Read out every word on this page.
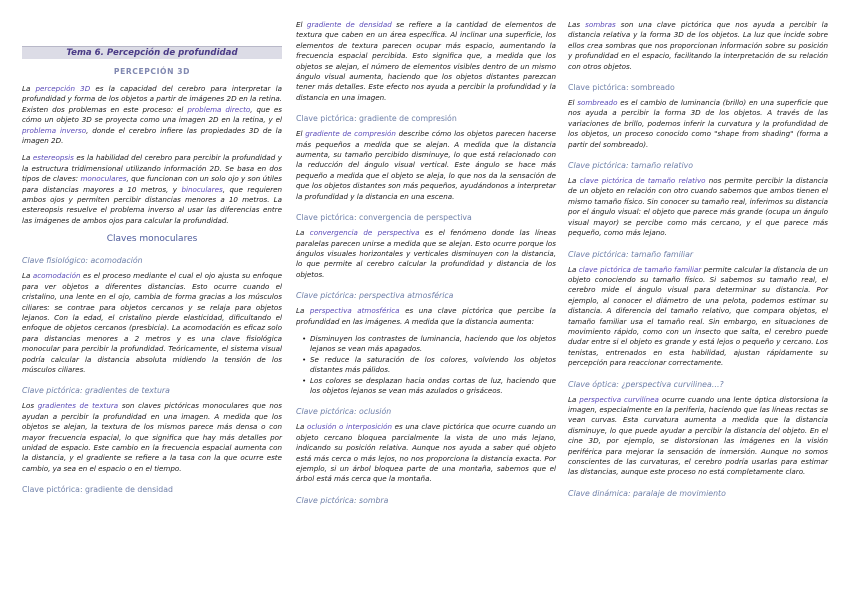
Tema 6. Percepción de profundidad
PERCEPCIÓN 3D

La percepción 3D es la capacidad del cerebro para interpretar la profundidad y forma de los objetos a partir de imágenes 2D en la retina. Existen dos problemas en este proceso: el problema directo, que es cómo un objeto 3D se proyecta como una imagen 2D en la retina, y el problema inverso, donde el cerebro infiere las propiedades 3D de la imagen 2D.

La estereopsis es la habilidad del cerebro para percibir la profundidad y la estructura tridimensional utilizando información 2D. Se basa en dos tipos de claves: monoculares, que funcionan con un solo ojo y son útiles para distancias mayores a 10 metros, y binoculares, que requieren ambos ojos y permiten percibir distancias menores a 10 metros. La estereopsis resuelve el problema inverso al usar las diferencias entre las imágenes de ambos ojos para calcular la profundidad.

Claves monoculares
Clave fisiológico: acomodación

La acomodación es el proceso mediante el cual el ojo ajusta su enfoque para ver objetos a diferentes distancias. Esto ocurre cuando el cristalino, una lente en el ojo, cambia de forma gracias a los músculos ciliares: se contrae para objetos cercanos y se relaja para objetos lejanos. Con la edad, el cristalino pierde elasticidad, dificultando el enfoque de objetos cercanos (presbicia). La acomodación es eficaz solo para distancias menores a 2 metros y es una clave fisiológica monocular para percibir la profundidad. Teóricamente, el sistema visual podría calcular la distancia absoluta midiendo la tensión de los músculos ciliares.

Clave pictórica: gradientes de textura

Los gradientes de textura son claves pictóricas monoculares que nos ayudan a percibir la profundidad en una imagen. A medida que los objetos se alejan, la textura de los mismos parece más densa o con mayor frecuencia espacial, lo que significa que hay más detalles por unidad de espacio. Este cambio en la frecuencia espacial aumenta con la distancia, y el gradiente se refiere a la tasa con la que ocurre este cambio, ya sea en el espacio o en el tiempo.

Clave pictórica: gradiente de densidad

El gradiente de densidad se refiere a la cantidad de elementos de textura que caben en un área específica. Al inclinar una superficie, los elementos de textura parecen ocupar más espacio, aumentando la frecuencia espacial percibida. Esto significa que, a medida que los objetos se alejan, el número de elementos visibles dentro de un mismo ángulo visual aumenta, haciendo que los objetos distantes parezcan tener más detalles. Este efecto nos ayuda a percibir la profundidad y la distancia en una imagen.

Clave pictórica: gradiente de compresión

El gradiente de compresión describe cómo los objetos parecen hacerse más pequeños a medida que se alejan. A medida que la distancia aumenta, su tamaño percibido disminuye, lo que está relacionado con la reducción del ángulo visual vertical. Este ángulo se hace más pequeño a medida que el objeto se aleja, lo que nos da la sensación de que los objetos distantes son más pequeños, ayudándonos a interpretar la profundidad y la distancia en una escena.

Clave pictórica: convergencia de perspectiva

La convergencia de perspectiva es el fenómeno donde las líneas paralelas parecen unirse a medida que se alejan. Esto ocurre porque los ángulos visuales horizontales y verticales disminuyen con la distancia, lo que permite al cerebro calcular la profundidad y distancia de los objetos.

Clave pictórica: perspectiva atmosférica

La perspectiva atmosférica es una clave pictórica que percibe la profundidad en las imágenes. A medida que la distancia aumenta:

• Disminuyen los contrastes de luminancia, haciendo que los objetos lejanos se vean más apagados.
• Se reduce la saturación de los colores, volviendo los objetos distantes más pálidos.
• Los colores se desplazan hacia ondas cortas de luz, haciendo que los objetos lejanos se vean más azulados o grisáceos.
Clave pictórica: oclusión

La oclusión o interposición es una clave pictórica que ocurre cuando un objeto cercano bloquea parcialmente la vista de uno más lejano, indicando su posición relativa. Aunque nos ayuda a saber qué objeto está más cerca o más lejos, no nos proporciona la distancia exacta. Por ejemplo, si un árbol bloquea parte de una montaña, sabemos que el árbol está más cerca que la montaña.

Clave pictórica: sombra

Las sombras son una clave pictórica que nos ayuda a percibir la distancia relativa y la forma 3D de los objetos. La luz que incide sobre ellos crea sombras que nos proporcionan información sobre su posición y profundidad en el espacio, facilitando la interpretación de su relación con otros objetos.

Clave pictórica: sombreado

El sombreado es el cambio de luminancia (brillo) en una superficie que nos ayuda a percibir la forma 3D de los objetos. A través de las variaciones de brillo, podemos inferir la curvatura y la profundidad de los objetos, un proceso conocido como "shape from shading" (forma a partir del sombreado).

Clave pictórica: tamaño relativo

La clave pictórica de tamaño relativo nos permite percibir la distancia de un objeto en relación con otro cuando sabemos que ambos tienen el mismo tamaño físico. Sin conocer su tamaño real, inferimos su distancia por el ángulo visual: el objeto que parece más grande (ocupa un ángulo visual mayor) se percibe como más cercano, y el que parece más pequeño, como más lejano.

Clave pictórica: tamaño familiar

La clave pictórica de tamaño familiar permite calcular la distancia de un objeto conociendo su tamaño físico. Si sabemos su tamaño real, el cerebro mide el ángulo visual para determinar su distancia. Por ejemplo, al conocer el diámetro de una pelota, podemos estimar su distancia. A diferencia del tamaño relativo, que compara objetos, el tamaño familiar usa el tamaño real. Sin embargo, en situaciones de movimiento rápido, como con un insecto que salta, el cerebro puede dudar entre si el objeto es grande y está lejos o pequeño y cercano. Los tenistas, entrenados en esta habilidad, ajustan rápidamente su percepción para reaccionar correctamente.

Clave óptica: ¿perspectiva curvilinea…?

La perspectiva curvilínea ocurre cuando una lente óptica distorsiona la imagen, especialmente en la periferia, haciendo que las líneas rectas se vean curvas. Esta curvatura aumenta a medida que la distancia disminuye, lo que puede ayudar a percibir la distancia del objeto. En el cine 3D, por ejemplo, se distorsionan las imágenes en la visión periférica para mejorar la sensación de inmersión. Aunque no somos conscientes de las curvaturas, el cerebro podría usarlas para estimar las distancias, aunque este proceso no está completamente claro.

Clave dinámica: paralaje de movimiento
